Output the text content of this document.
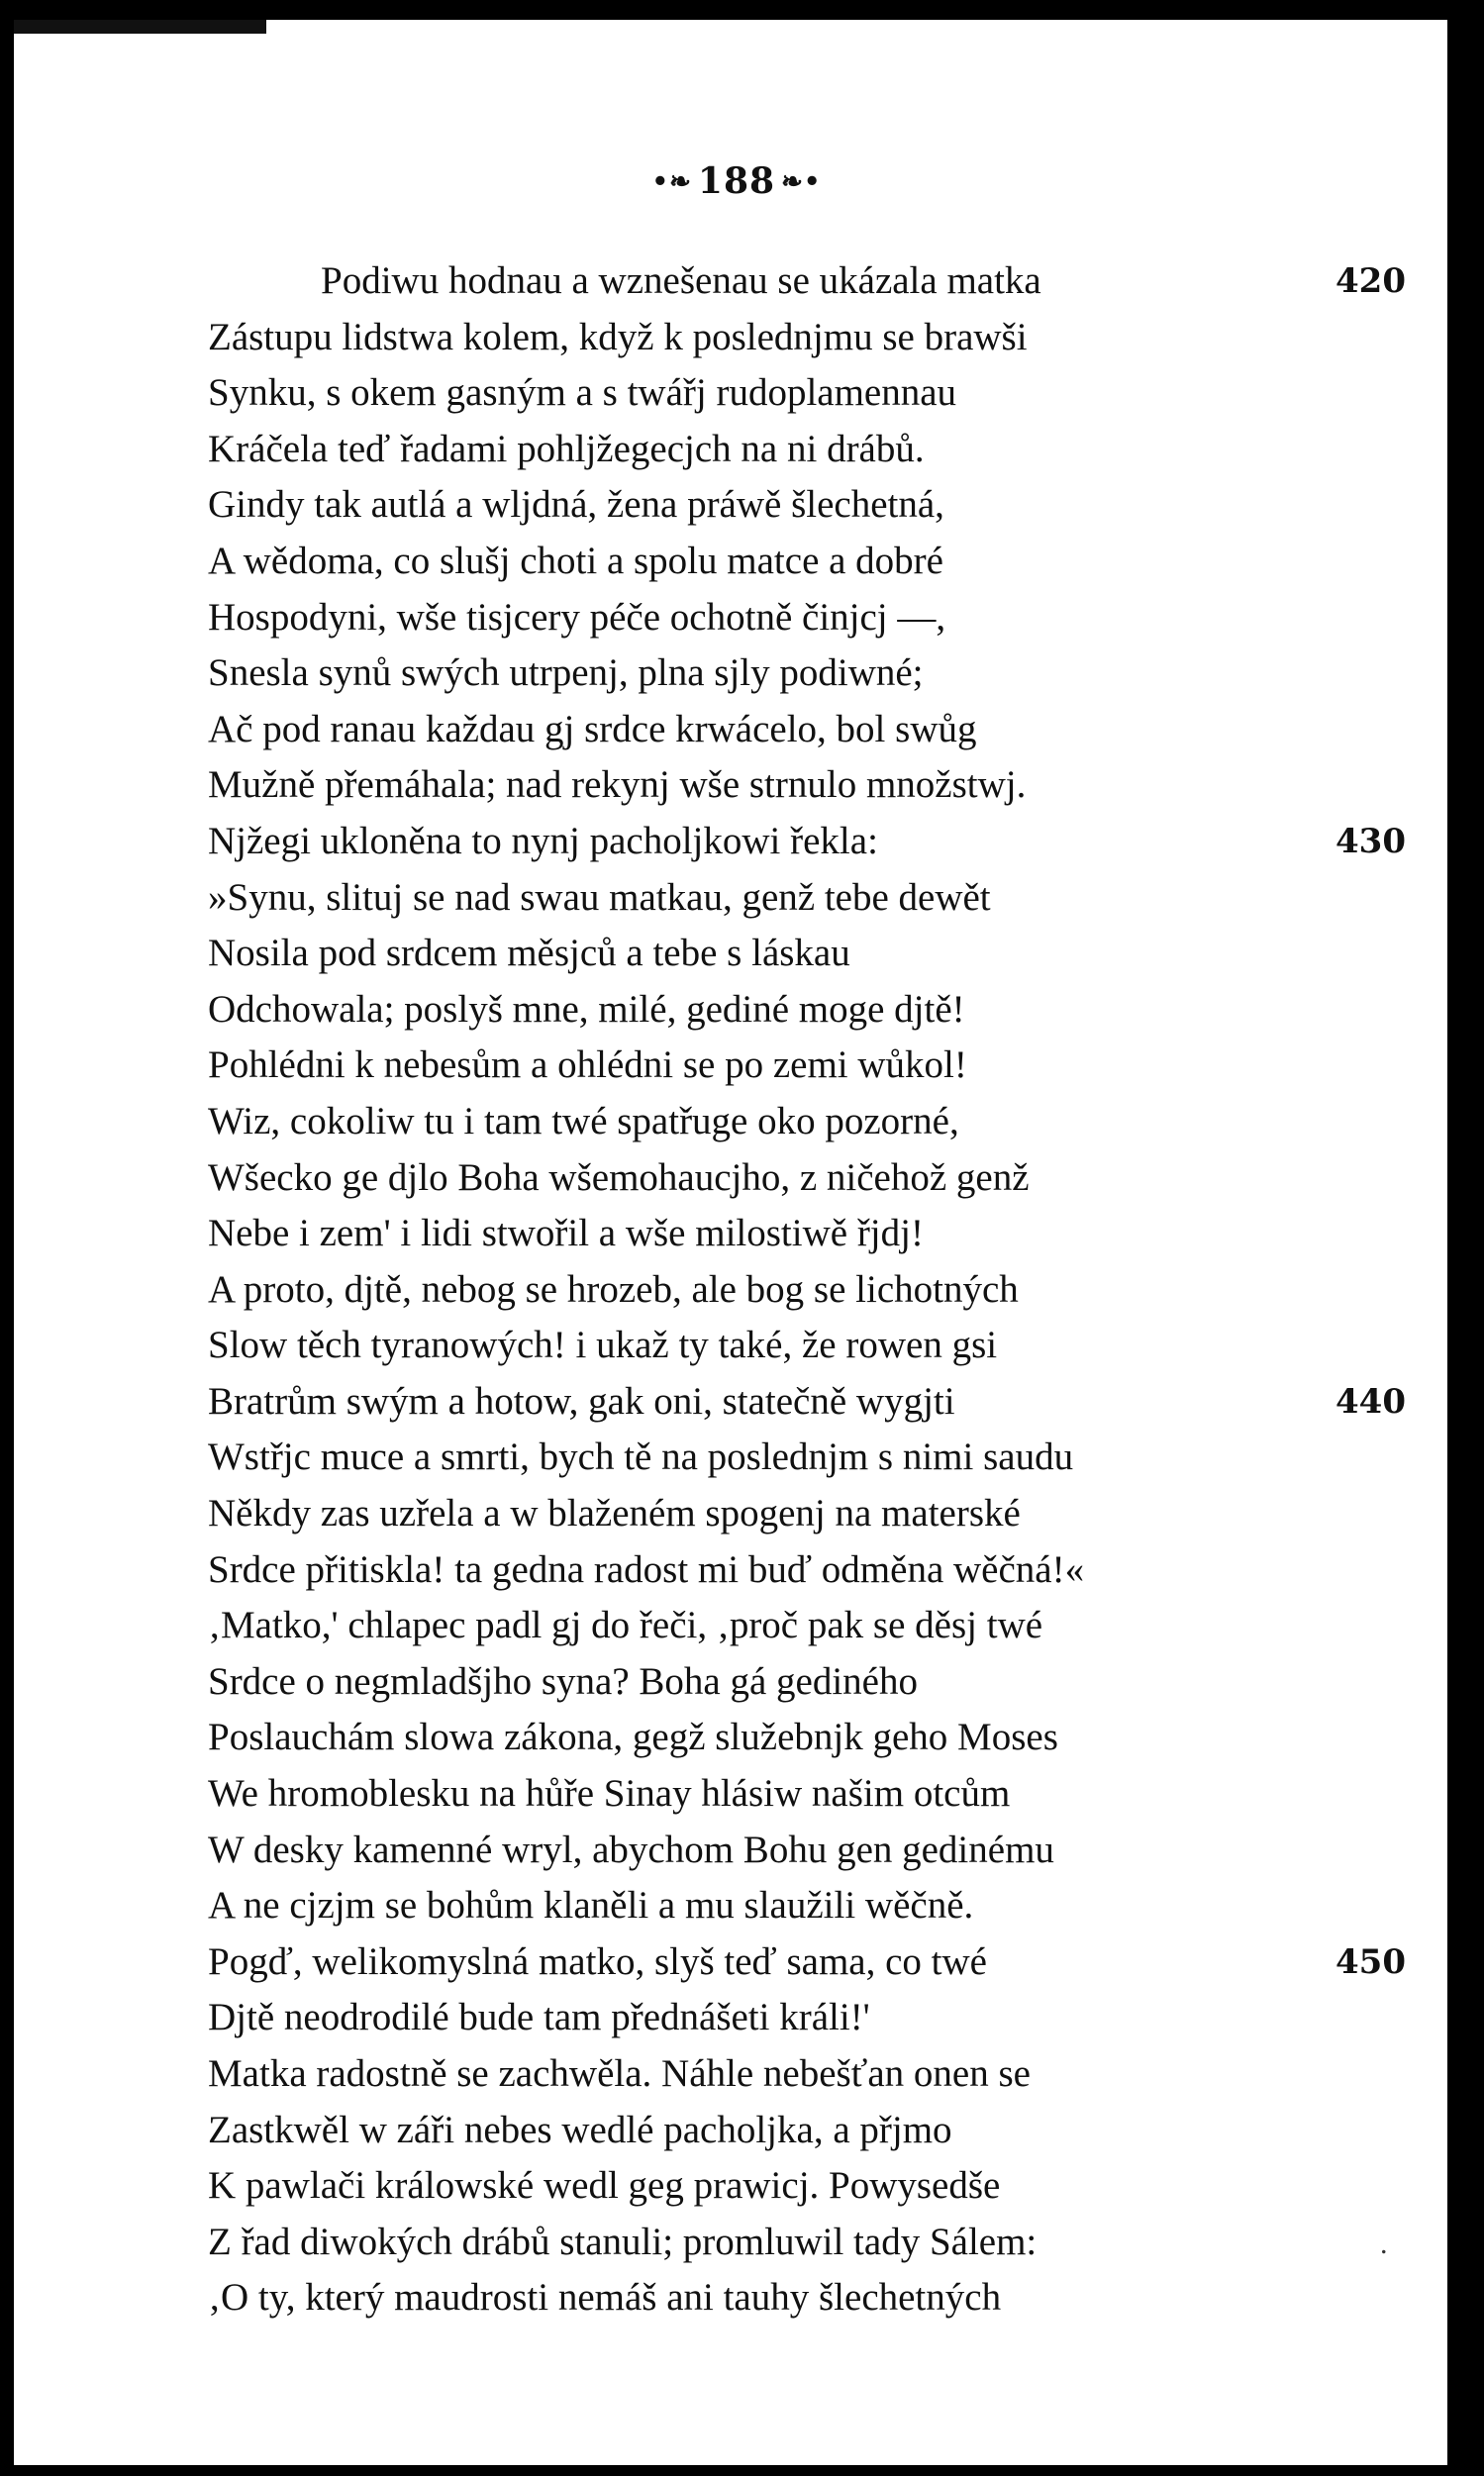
•❧ 188 ❧•
Podiwu hodnau a wznešenau se ukázala matka	420
Zástupu lidstwa kolem, když k poslednjmu se brawši
Synku, s okem gasným a s twářj rudoplamennau
Kráčela teď řadami pohljžegecjch na ni drábů.
Gindy tak autlá a wljdná, žena práwě šlechetná,
A wědoma, co slušj choti a spolu matce a dobré
Hospodyni, wše tisjcery péče ochotně činjcj —,
Snesla synů swých utrpenj, plna sjly podiwné;
Ač pod ranau každau gj srdce krwácelo, bol swůg
Mužně přemáhala; nad rekynj wše strnulo množstwj.
Njžegi ukloněna to nynj pacholjkowi řekla:	430
»Synu, slituj se nad swau matkau, genž tebe dewět
Nosila pod srdcem měsjců a tebe s láskau
Odchowala; poslyš mne, milé, gediné moge djtě!
Pohlédni k nebesům a ohlédni se po zemi wůkol!
Wiz, cokoliw tu i tam twé spatřuge oko pozorné,
Wšecko ge djlo Boha wšemohaucjho, z ničehož genž
Nebe i zem' i lidi stwořil a wše milostiwě řjdj!
A proto, djtě, nebog se hrozeb, ale bog se lichotných
Slow těch tyranowých! i ukaž ty také, že rowen gsi
Bratrům swým a hotow, gak oni, statečně wygjti	440
Wstřjc muce a smrti, bych tě na poslednjm s nimi saudu
Někdy zas uzřela a w blaženém spogenj na materské
Srdce přitiskla! ta gedna radost mi buď odměna wěčná!«
‚Matko,' chlapec padl gj do řeči, ‚proč pak se děsj twé
Srdce o negmladšjho syna? Boha gá gediného
Poslauchám slowa zákona, gegž služebnjk geho Moses
We hromoblesku na hůře Sinay hlásiw našim otcům
W desky kamenné wryl, abychom Bohu gen gedinému
A ne cjzjm se bohům klaněli a mu slaužili wěčně.
Pogď, welikomyslná matko, slyš teď sama, co twé	450
Djtě neodrodilé bude tam přednášeti králi!'
Matka radostně se zachwěla. Náhle nebešťan onen se
Zastkwěl w záři nebes wedlé pacholjka, a přjmo
K pawlači králowské wedl geg prawicj. Powysedše
Z řad diwokých drábů stanuli; promluwil tady Sálem:
‚O ty, který maudrosti nemáš ani tauhy šlechetných
.
